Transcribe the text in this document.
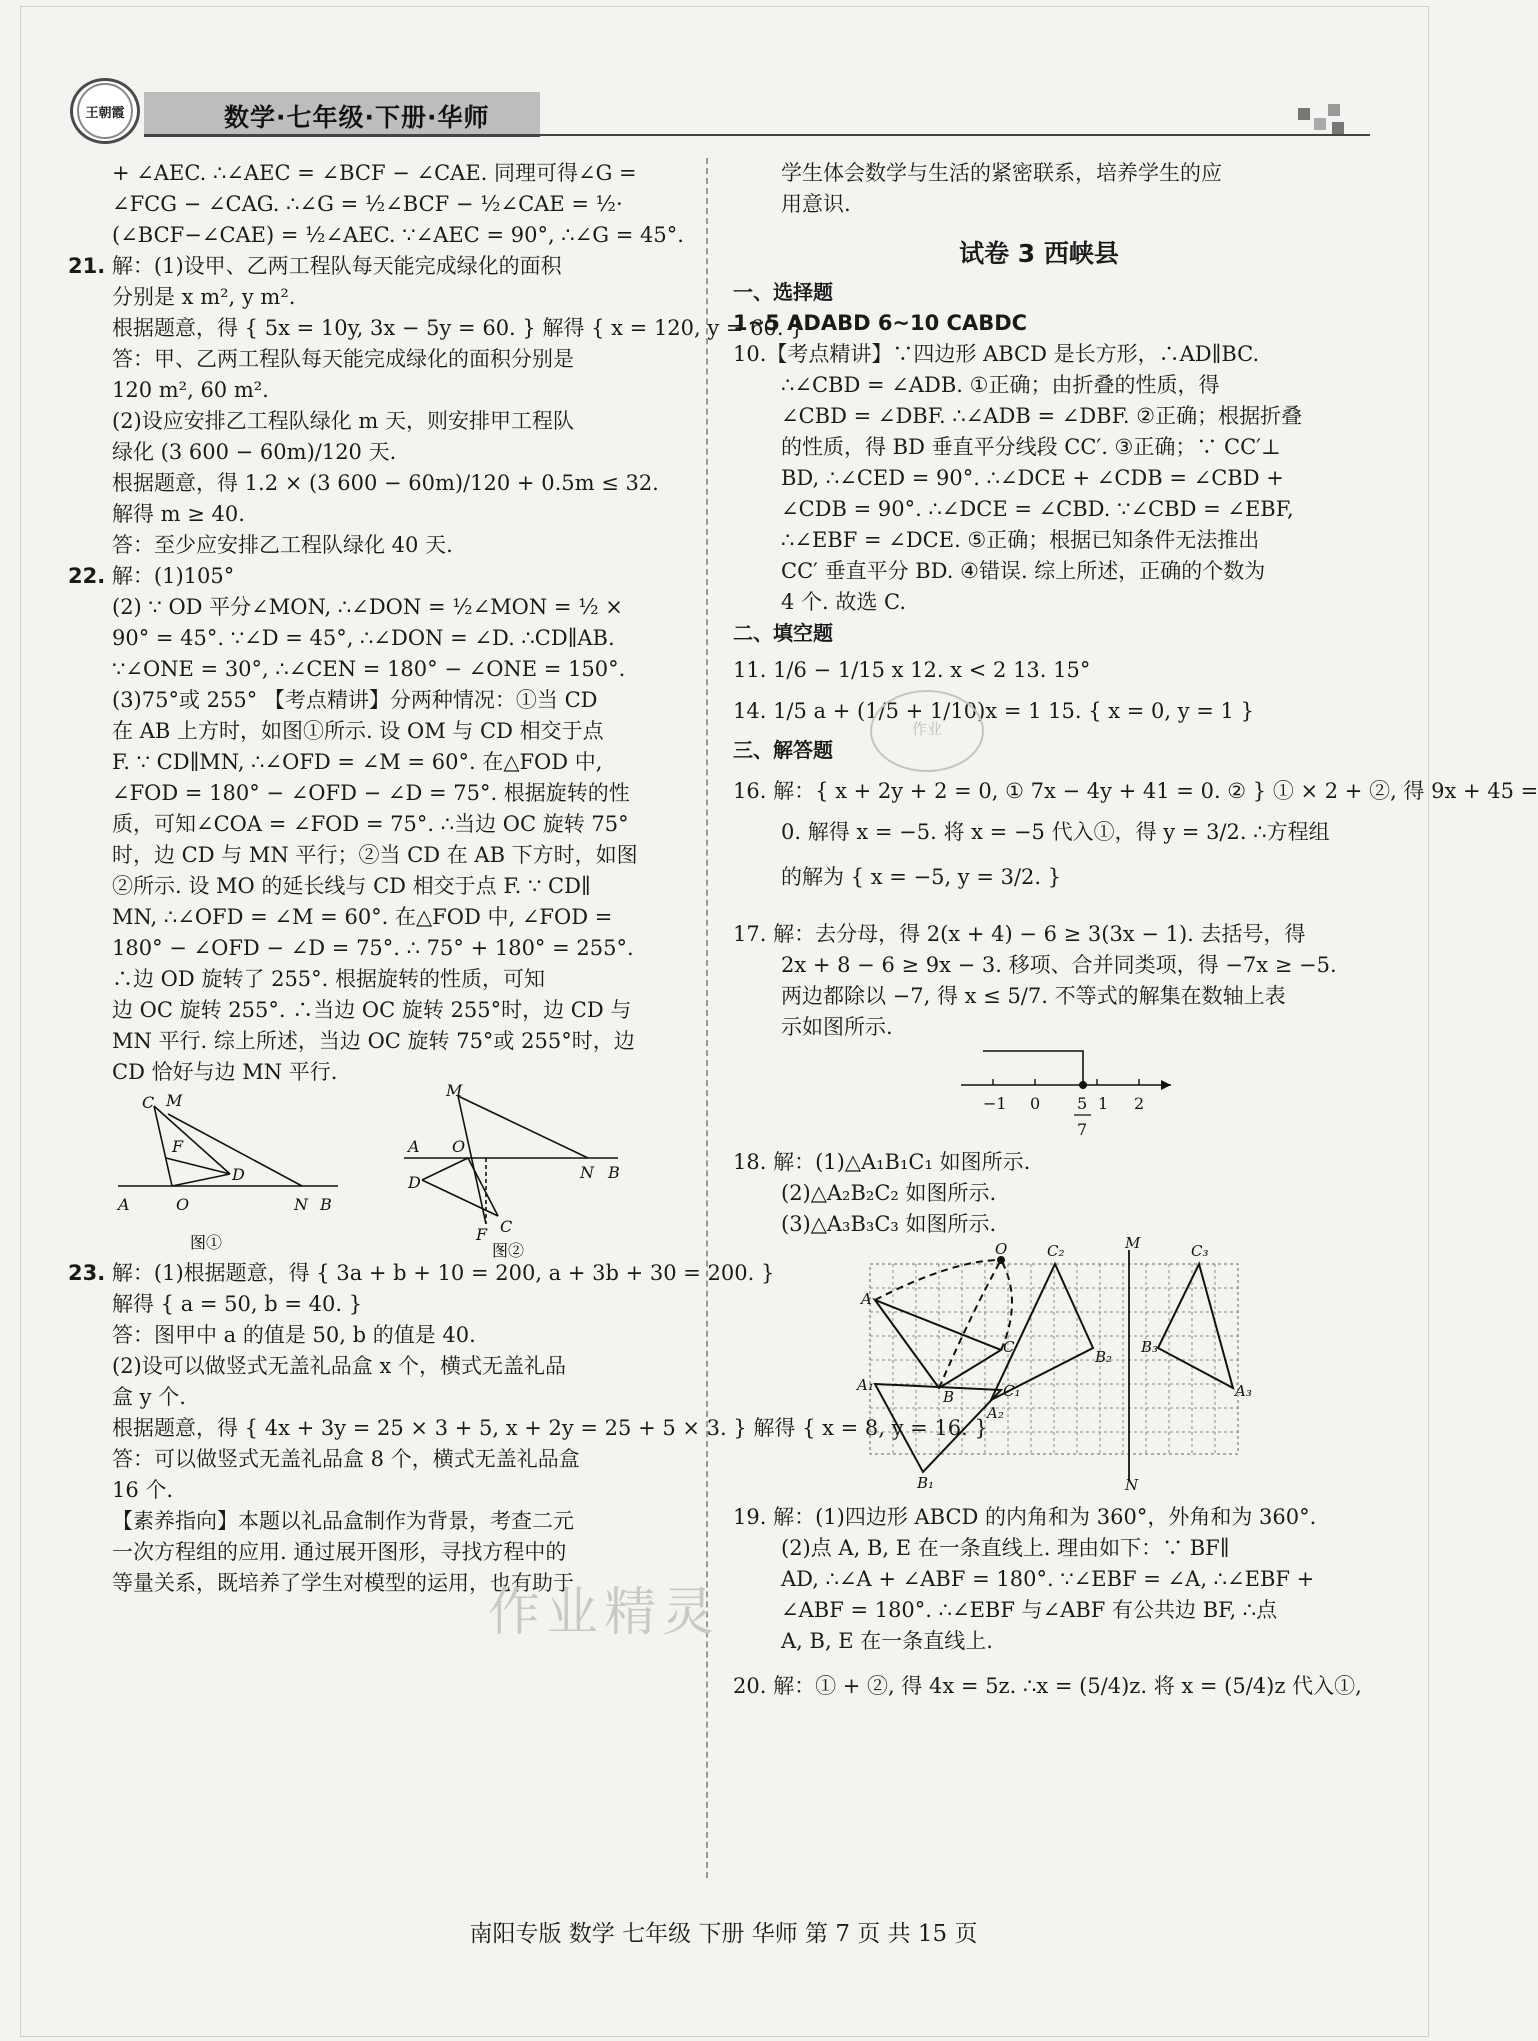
王朝霞	数学·七年级·下册·华师

+ ∠AEC. ∴∠AEC = ∠BCF − ∠CAE. 同理可得∠G =

∠FCG − ∠CAG. ∴∠G = ½∠BCF − ½∠CAE = ½·

(∠BCF−∠CAE) = ½∠AEC. ∵∠AEC = 90°, ∴∠G = 45°.

21. 解：(1)设甲、乙两工程队每天能完成绿化的面积

分别是 x m², y m².

根据题意，得 { 5x = 10y, 3x − 5y = 60. } 解得 { x = 120, y = 60. }

答：甲、乙两工程队每天能完成绿化的面积分别是

120 m², 60 m².

(2)设应安排乙工程队绿化 m 天，则安排甲工程队

绿化 (3 600 − 60m)/120 天.

根据题意，得 1.2 × (3 600 − 60m)/120 + 0.5m ≤ 32.

解得 m ≥ 40.

答：至少应安排乙工程队绿化 40 天.

22. 解：(1)105°

(2) ∵ OD 平分∠MON, ∴∠DON = ½∠MON = ½ ×

90° = 45°. ∵∠D = 45°, ∴∠DON = ∠D. ∴CD∥AB.

∵∠ONE = 30°, ∴∠CEN = 180° − ∠ONE = 150°.

(3)75°或 255° 【考点精讲】分两种情况：①当 CD

在 AB 上方时，如图①所示. 设 OM 与 CD 相交于点

F. ∵ CD∥MN, ∴∠OFD = ∠M = 60°. 在△FOD 中,

∠FOD = 180° − ∠OFD − ∠D = 75°. 根据旋转的性

质，可知∠COA = ∠FOD = 75°. ∴当边 OC 旋转 75°

时，边 CD 与 MN 平行；②当 CD 在 AB 下方时，如图

②所示. 设 MO 的延长线与 CD 相交于点 F. ∵ CD∥

MN, ∴∠OFD = ∠M = 60°. 在△FOD 中, ∠FOD =

180° − ∠OFD − ∠D = 75°. ∴ 75° + 180° = 255°.

∴边 OD 旋转了 255°. 根据旋转的性质，可知

边 OC 旋转 255°. ∴当边 OC 旋转 255°时，边 CD 与

MN 平行. 综上所述，当边 OC 旋转 75°或 255°时，边

CD 恰好与边 MN 平行.

C M
F
D
A	O	N B
图①
M
A O
D
N B
F C
图②

23. 解：(1)根据题意，得 { 3a + b + 10 = 200, a + 3b + 30 = 200. }

解得 { a = 50, b = 40. }

答：图甲中 a 的值是 50, b 的值是 40.

(2)设可以做竖式无盖礼品盒 x 个，横式无盖礼品

盒 y 个.

根据题意，得 { 4x + 3y = 25 × 3 + 5, x + 2y = 25 + 5 × 3. } 解得 { x = 8, y = 16. }

答：可以做竖式无盖礼品盒 8 个，横式无盖礼品盒

16 个.

【素养指向】本题以礼品盒制作为背景，考查二元

一次方程组的应用. 通过展开图形，寻找方程中的

等量关系，既培养了学生对模型的运用，也有助于

学生体会数学与生活的紧密联系，培养学生的应

用意识.

试卷 3 西峡县

一、选择题

1~5 ADABD 6~10 CABDC

10.【考点精讲】∵四边形 ABCD 是长方形，∴AD∥BC.

∴∠CBD = ∠ADB. ①正确；由折叠的性质，得

∠CBD = ∠DBF. ∴∠ADB = ∠DBF. ②正确；根据折叠

的性质，得 BD 垂直平分线段 CC′. ③正确；∵ CC′⊥

BD, ∴∠CED = 90°. ∴∠DCE + ∠CDB = ∠CBD +

∠CDB = 90°. ∴∠DCE = ∠CBD. ∵∠CBD = ∠EBF,

∴∠EBF = ∠DCE. ⑤正确；根据已知条件无法推出

CC′ 垂直平分 BD. ④错误. 综上所述，正确的个数为

4 个. 故选 C.

二、填空题

11. 1/6 − 1/15 x 12. x < 2 13. 15°

14. 1/5 a + (1/5 + 1/10)x = 1 15. { x = 0, y = 1 }

三、解答题

16. 解：{ x + 2y + 2 = 0, ① 7x − 4y + 41 = 0. ② } ① × 2 + ②, 得 9x + 45 =

0. 解得 x = −5. 将 x = −5 代入①，得 y = 3/2. ∴方程组

的解为 { x = −5, y = 3/2. }

17. 解：去分母，得 2(x + 4) − 6 ≥ 3(3x − 1). 去括号，得

2x + 8 − 6 ≥ 9x − 3. 移项、合并同类项，得 −7x ≥ −5.

两边都除以 −7, 得 x ≤ 5/7. 不等式的解集在数轴上表

示如图所示.

−1 0	1 2
5
7

18. 解：(1)△A₁B₁C₁ 如图所示.

(2)△A₂B₂C₂ 如图所示.

(3)△A₃B₃C₃ 如图所示.

M
N
O
A
B
C
A₁
B₁
C₁
A₂
B₂
C₂
A₃
B₃
C₃

19. 解：(1)四边形 ABCD 的内角和为 360°，外角和为 360°.

(2)点 A, B, E 在一条直线上. 理由如下：∵ BF∥

AD, ∴∠A + ∠ABF = 180°. ∵∠EBF = ∠A, ∴∠EBF +

∠ABF = 180°. ∴∠EBF 与∠ABF 有公共边 BF, ∴点

A, B, E 在一条直线上.

20. 解：① + ②, 得 4x = 5z. ∴x = (5/4)z. 将 x = (5/4)z 代入①,

作业精灵
作业
南阳专版 数学 七年级 下册 华师 第 7 页 共 15 页
